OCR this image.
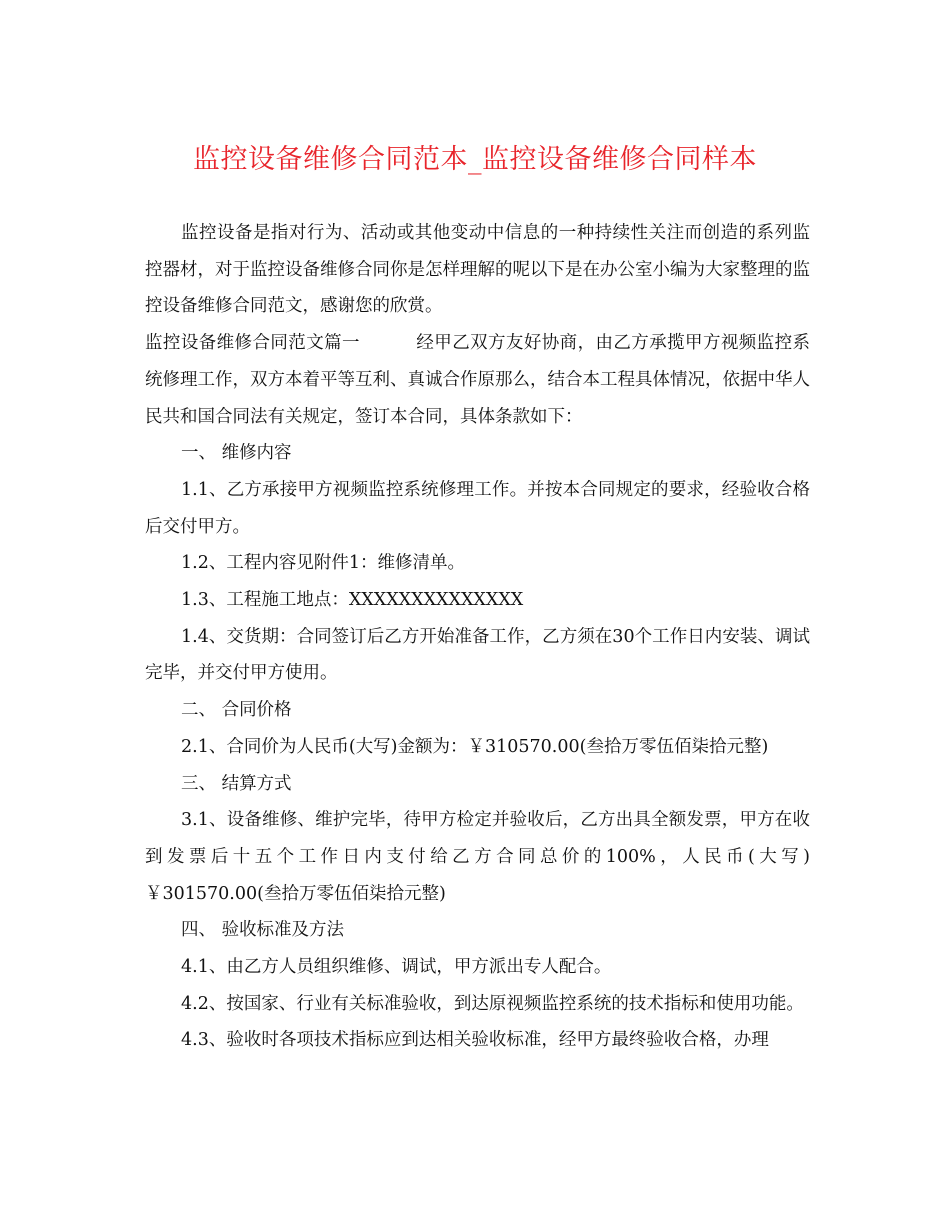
监控设备维修合同范本_监控设备维修合同样本

监控设备是指对行为、活动或其他变动中信息的一种持续性关注而创造的系列监控器材，对于监控设备维修合同你是怎样理解的呢以下是在办公室小编为大家整理的监控设备维修合同范文，感谢您的欣赏。

监控设备维修合同范文篇一	经甲乙双方友好协商，由乙方承揽甲方视频监控系统修理工作，双方本着平等互利、真诚合作原那么，结合本工程具体情况，依据中华人民共和国合同法有关规定，签订本合同，具体条款如下：

一、 维修内容

1.1、乙方承接甲方视频监控系统修理工作。并按本合同规定的要求，经验收合格后交付甲方。

1.2、工程内容见附件1：维修清单。

1.3、工程施工地点：XXXXXXXXXXXXXX

1.4、交货期：合同签订后乙方开始准备工作，乙方须在30个工作日内安装、调试完毕，并交付甲方使用。

二、 合同价格

2.1、合同价为人民币(大写)金额为：￥310570.00(叁拾万零伍佰柒拾元整)

三、 结算方式

3.1、设备维修、维护完毕，待甲方检定并验收后，乙方出具全额发票，甲方在收到发票后十五个工作日内支付给乙方合同总价的100%，人民币(大写)￥301570.00(叁拾万零伍佰柒拾元整)

四、 验收标准及方法

4.1、由乙方人员组织维修、调试，甲方派出专人配合。

4.2、按国家、行业有关标准验收，到达原视频监控系统的技术指标和使用功能。

4.3、验收时各项技术指标应到达相关验收标准，经甲方最终验收合格，办理
